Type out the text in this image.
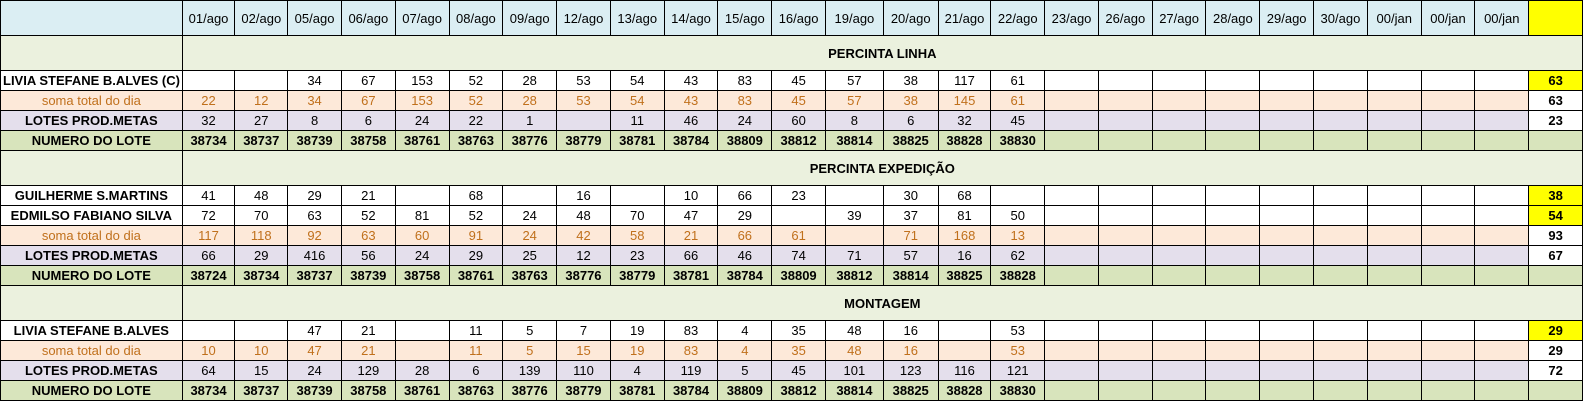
	01/ago	02/ago	05/ago	06/ago	07/ago	08/ago	09/ago	12/ago	13/ago	14/ago	15/ago	16/ago	19/ago	20/ago	21/ago	22/ago	23/ago	26/ago	27/ago	28/ago	29/ago	30/ago	00/jan	00/jan	00/jan	
	PERCINTA LINHA																									
LIVIA STEFANE B.ALVES (C)			34	67	153	52	28	53	54	43	83	45	57	38	117	61										63
soma total do dia	22	12	34	67	153	52	28	53	54	43	83	45	57	38	145	61										63
LOTES PROD.METAS	32	27	8	6	24	22	1		11	46	24	60	8	6	32	45										23
NUMERO DO LOTE	38734	38737	38739	38758	38761	38763	38776	38779	38781	38784	38809	38812	38814	38825	38828	38830										
	PERCINTA EXPEDIÇÃO																									
GUILHERME S.MARTINS	41	48	29	21		68		16		10	66	23		30	68											38
EDMILSO FABIANO SILVA	72	70	63	52	81	52	24	48	70	47	29		39	37	81	50										54
soma total do dia	117	118	92	63	60	91	24	42	58	21	66	61		71	168	13										93
LOTES PROD.METAS	66	29	416	56	24	29	25	12	23	66	46	74	71	57	16	62										67
NUMERO DO LOTE	38724	38734	38737	38739	38758	38761	38763	38776	38779	38781	38784	38809	38812	38814	38825	38828										
	MONTAGEM																									
LIVIA STEFANE B.ALVES			47	21		11	5	7	19	83	4	35	48	16		53										29
soma total do dia	10	10	47	21		11	5	15	19	83	4	35	48	16		53										29
LOTES PROD.METAS	64	15	24	129	28	6	139	110	4	119	5	45	101	123	116	121										72
NUMERO DO LOTE	38734	38737	38739	38758	38761	38763	38776	38779	38781	38784	38809	38812	38814	38825	38828	38830										
